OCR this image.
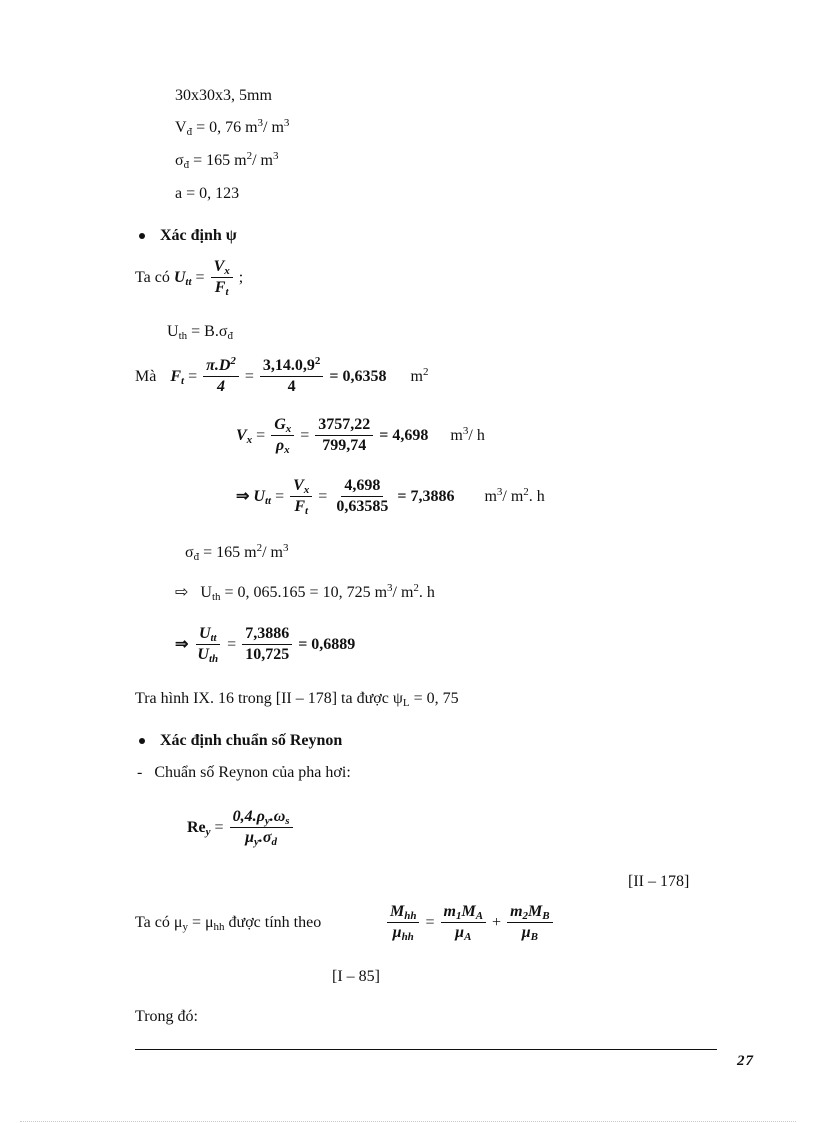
30x30x3, 5mm
$V_đ = 0$, 76 $m^3/$ $m^3$
$\sigma_đ = 165$ $m^2/$ $m^3$
a = 0, 123
Xác định ψ
Ta có $U_{tt} = \frac{V_x}{F_t}$ ;
$U_{th} = B.\sigma_đ$
Mà $F_t = \frac{\pi.D^2}{4} = \frac{3,14.0,9^2}{4} = 0,6358$ $m^2$
$V_x = \frac{G_x}{\rho_x} = \frac{3757,22}{799,74} = 4,698$ $m^3/$ h
⇒ $U_{tt} = \frac{V_x}{F_t} = \frac{4,698}{0,63585} = 7,3886$ $m^3/$ $m^2$. h
$\sigma_đ = 165$ $m^2/$ $m^3$
⇨ $U_{th} = 0$, 065.165 = 10, 725 $m^3/$ $m^2$. h
⇒ $\frac{U_{tt}}{U_{th}} = \frac{7,3886}{10,725} = 0,6889$
Tra hình IX. 16 trong [II – 178] ta được $\psi_L = 0$, 75
Xác định chuẩn số Reynon
- Chuẩn số Reynon của pha hơi:
$Re_y = \frac{0,4.\rho_y.\omega_s}{\mu_y.\sigma_d}$
[II – 178]
Ta có $\mu_y = \mu_{hh}$ được tính theo	$\frac{M_{hh}}{\mu_{hh}} = \frac{m_1M_A}{\mu_A} + \frac{m_2M_B}{\mu_B}$
[I – 85]
Trong đó:
27
